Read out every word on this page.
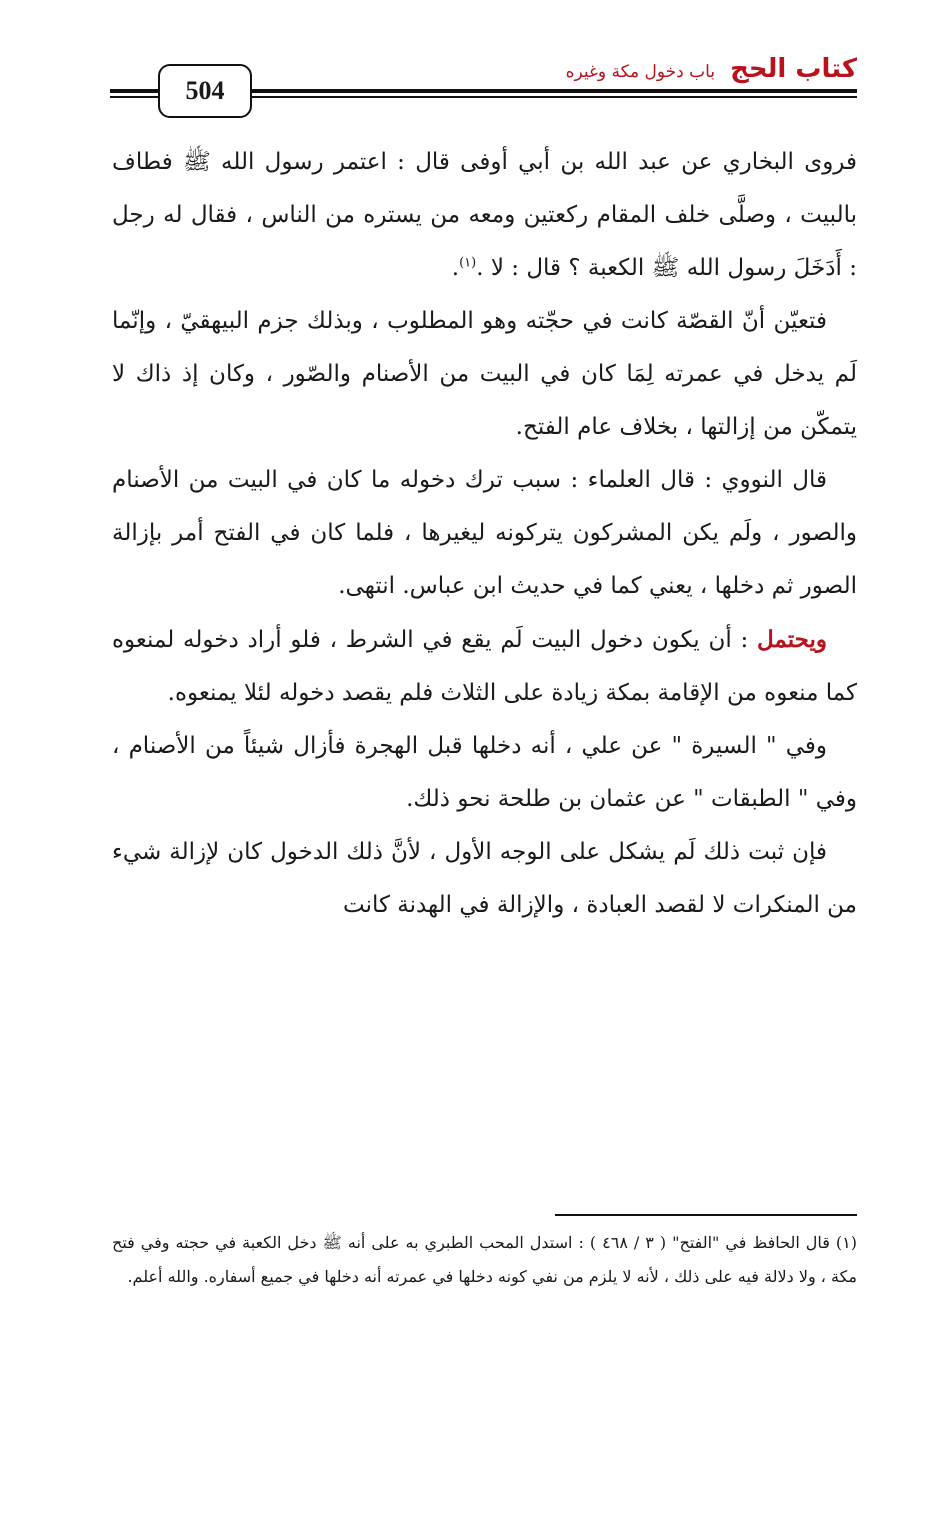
كتاب الحج باب دخول مكة وغيره
504

فروى البخاري عن عبد الله بن أبي أوفى قال : اعتمر رسول الله ﷺ فطاف بالبيت ، وصلَّى خلف المقام ركعتين ومعه من يستره من الناس ، فقال له رجل : أَدَخَلَ رسول الله ﷺ الكعبة ؟ قال : لا .$^{(١)}$.

فتعيّن أنّ القصّة كانت في حجّته وهو المطلوب ، وبذلك جزم البيهقيّ ، وإنّما لَم يدخل في عمرته لِمَا كان في البيت من الأصنام والصّور ، وكان إذ ذاك لا يتمكّن من إزالتها ، بخلاف عام الفتح.

قال النووي : قال العلماء : سبب ترك دخوله ما كان في البيت من الأصنام والصور ، ولَم يكن المشركون يتركونه ليغيرها ، فلما كان في الفتح أمر بإزالة الصور ثم دخلها ، يعني كما في حديث ابن عباس. انتهى.

ويحتمل : أن يكون دخول البيت لَم يقع في الشرط ، فلو أراد دخوله لمنعوه كما منعوه من الإقامة بمكة زيادة على الثلاث فلم يقصد دخوله لئلا يمنعوه.

وفي " السيرة " عن علي ، أنه دخلها قبل الهجرة فأزال شيئاً من الأصنام ، وفي " الطبقات " عن عثمان بن طلحة نحو ذلك.

فإن ثبت ذلك لَم يشكل على الوجه الأول ، لأنَّ ذلك الدخول كان لإزالة شيء من المنكرات لا لقصد العبادة ، والإزالة في الهدنة كانت

(١) قال الحافظ في "الفتح" ( ٣ / ٤٦٨ ) : استدل المحب الطبري به على أنه ﷺ دخل الكعبة في حجته وفي فتح مكة ، ولا دلالة فيه على ذلك ، لأنه لا يلزم من نفي كونه دخلها في عمرته أنه دخلها في جميع أسفاره. والله أعلم.
